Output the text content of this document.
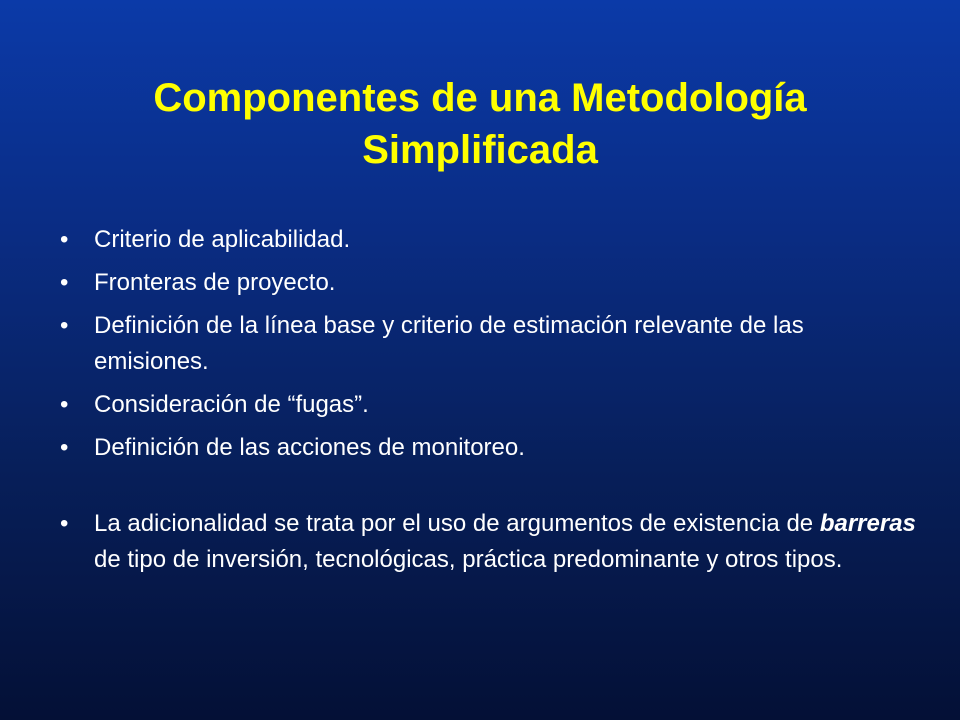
Componentes de una Metodología
Simplificada
• Criterio de aplicabilidad.
• Fronteras de proyecto.
• Definición de la línea base y criterio de estimación relevante de las emisiones.
• Consideración de “fugas”.
• Definición de las acciones de monitoreo.
• La adicionalidad se trata por el uso de argumentos de existencia de barreras de tipo de inversión, tecnológicas, práctica predominante y otros tipos.
